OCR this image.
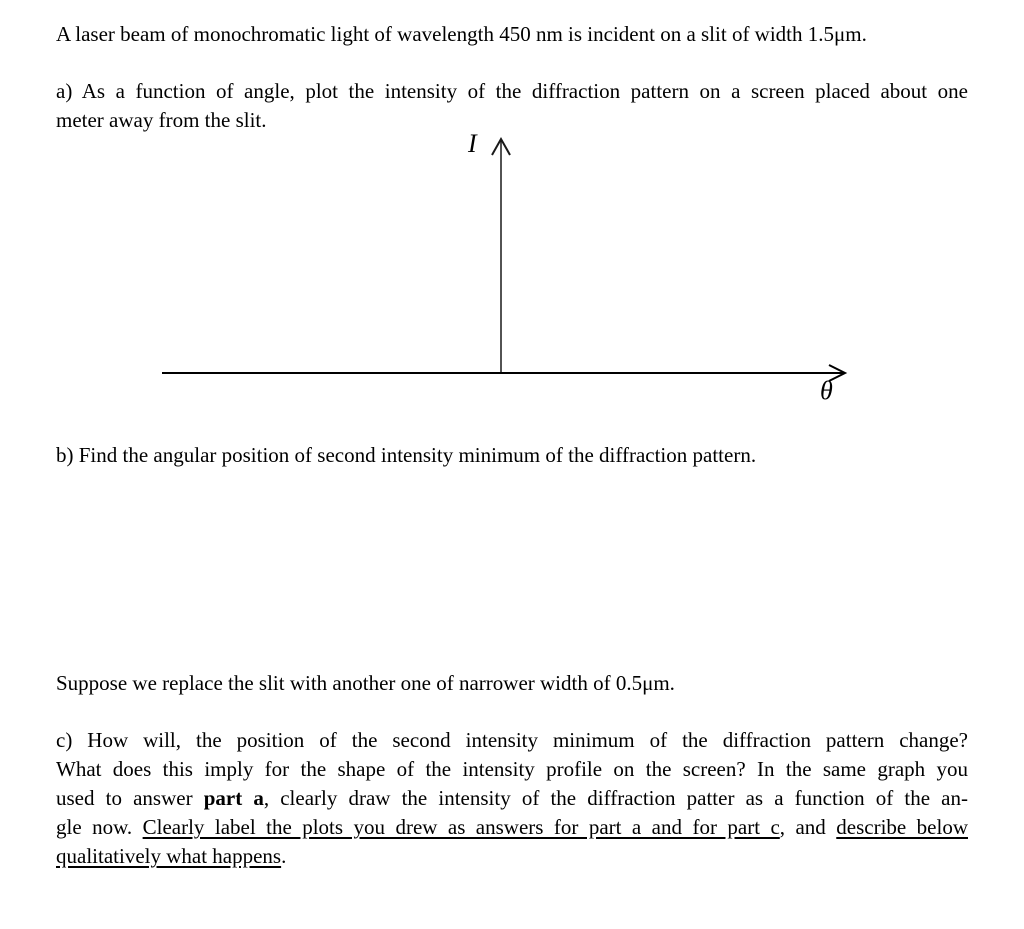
A laser beam of monochromatic light of wavelength 450 nm is incident on a slit of width 1.5μm.

a) As a function of angle, plot the intensity of the diffraction pattern on a screen placed about one

meter away from the slit.

I
θ

b) Find the angular position of second intensity minimum of the diffraction pattern.

Suppose we replace the slit with another one of narrower width of 0.5μm.

c) How will, the position of the second intensity minimum of the diffraction pattern change?

What does this imply for the shape of the intensity profile on the screen? In the same graph you

used to answer part a, clearly draw the intensity of the diffraction patter as a function of the an-

gle now. Clearly label the plots you drew as answers for part a and for part c, and describe below

qualitatively what happens.
